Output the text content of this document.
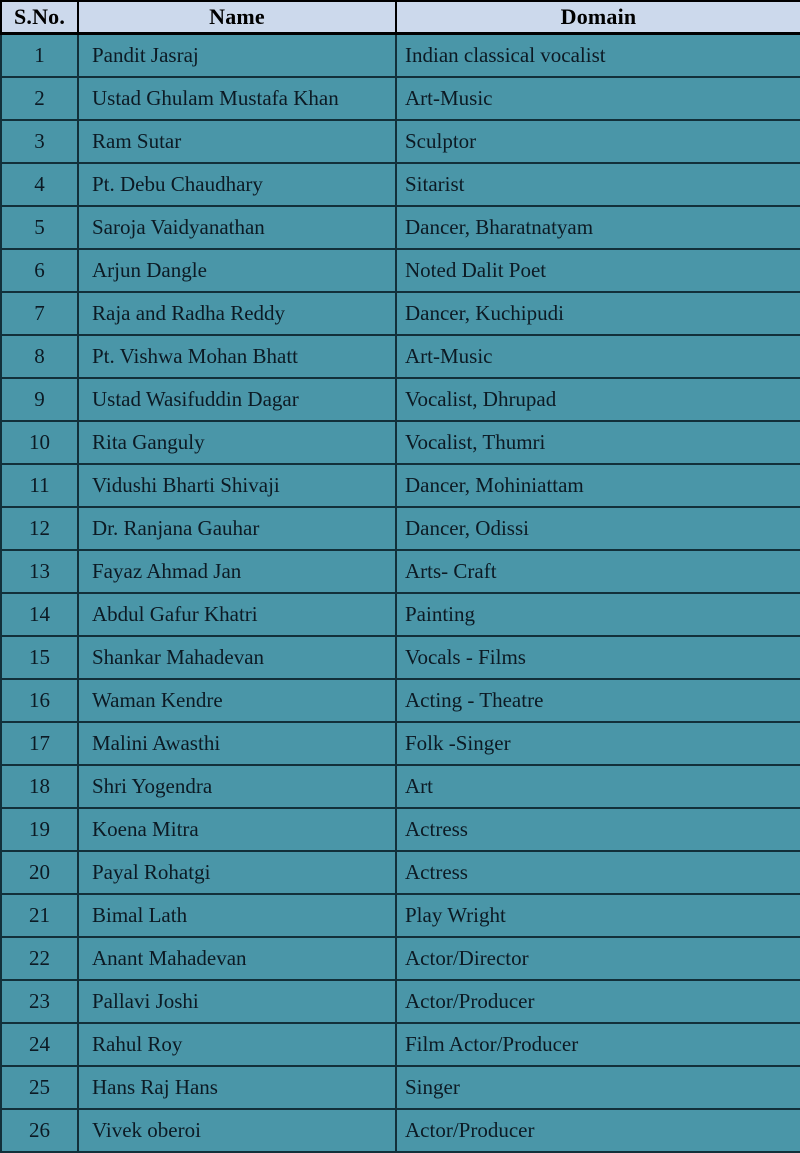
S.No.	Name	Domain
1	Pandit Jasraj	Indian classical vocalist
2	Ustad Ghulam Mustafa Khan	Art-Music
3	Ram Sutar	Sculptor
4	Pt. Debu Chaudhary	Sitarist
5	Saroja Vaidyanathan	Dancer, Bharatnatyam
6	Arjun Dangle	Noted Dalit Poet
7	Raja and Radha Reddy	Dancer, Kuchipudi
8	Pt. Vishwa Mohan Bhatt	Art-Music
9	Ustad Wasifuddin Dagar	Vocalist, Dhrupad
10	Rita Ganguly	Vocalist, Thumri
11	Vidushi Bharti Shivaji	Dancer, Mohiniattam
12	Dr. Ranjana Gauhar	Dancer, Odissi
13	Fayaz Ahmad Jan	Arts- Craft
14	Abdul Gafur Khatri	Painting
15	Shankar Mahadevan	Vocals - Films
16	Waman Kendre	Acting - Theatre
17	Malini Awasthi	Folk -Singer
18	Shri Yogendra	Art
19	Koena Mitra	Actress
20	Payal Rohatgi	Actress
21	Bimal Lath	Play Wright
22	Anant Mahadevan	Actor/Director
23	Pallavi Joshi	Actor/Producer
24	Rahul Roy	Film Actor/Producer
25	Hans Raj Hans	Singer
26	Vivek oberoi	Actor/Producer
